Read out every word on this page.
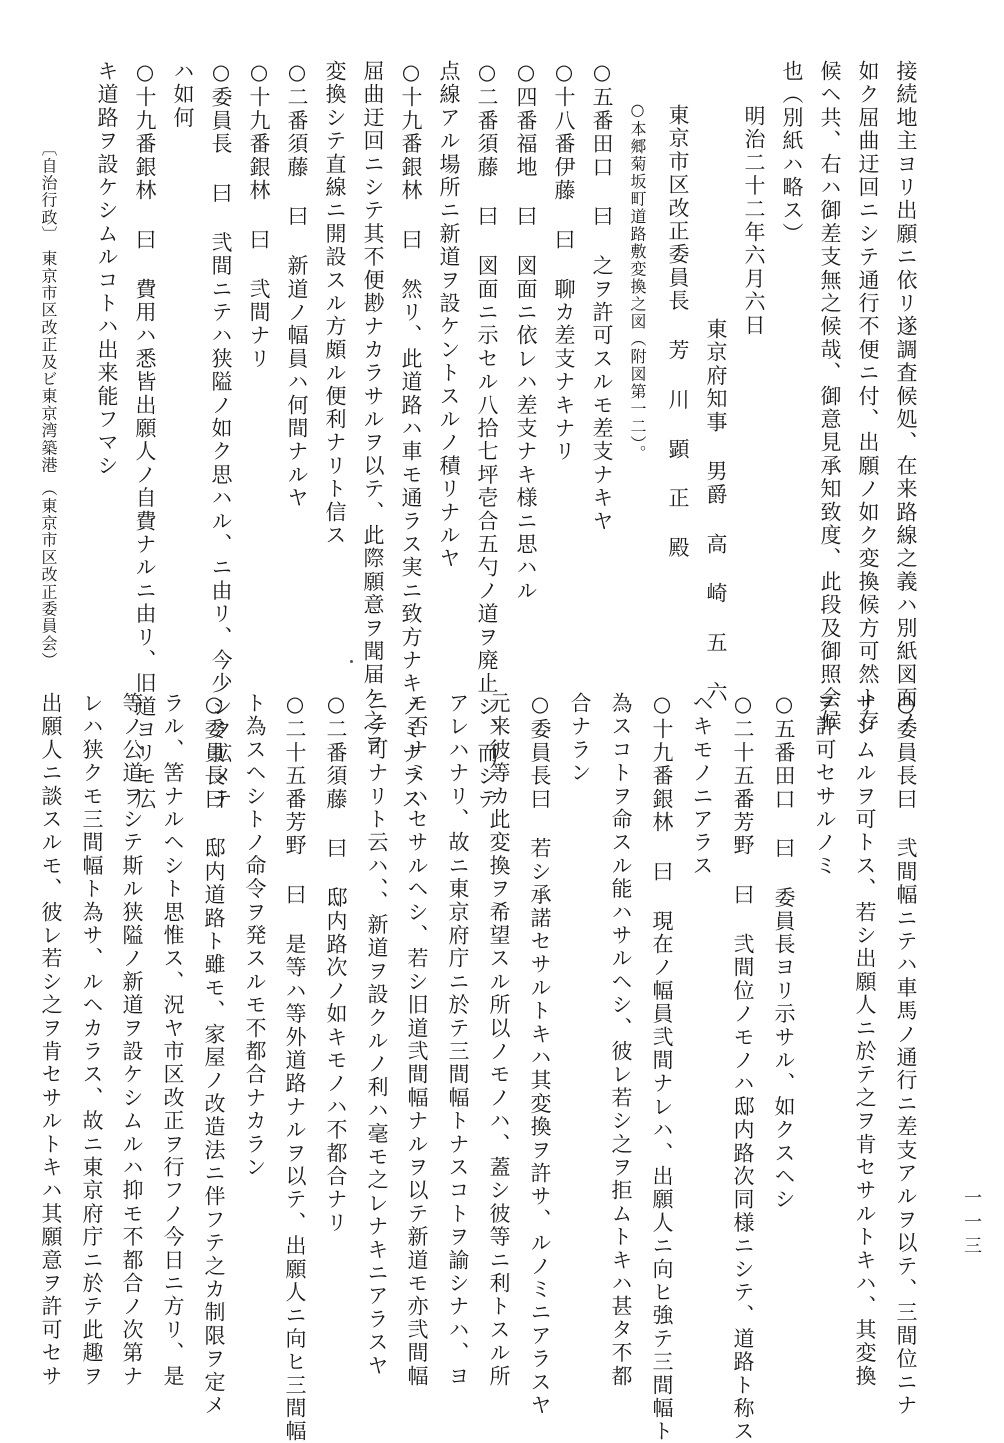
一一三
接続地主ヨリ出願ニ依リ遂調査候処、在来路線之義ハ別紙図面ノ
如ク屈曲迂回ニシテ通行不便ニ付、出願ノ如ク変換候方可然ト存
候ヘ共、右ハ御差支無之候哉、御意見承知致度、此段及御照会候
也（別紙ハ略ス）
明治二十二年六月六日
東京府知事 男爵 高 崎 五 六
東京市区改正委員長 芳 川 顕 正 殿
○本郷菊坂町道路敷変換之図（附図第一二）。
○五番田口 曰 之ヲ許可スルモ差支ナキヤ
○十八番伊藤 曰 聊カ差支ナキナリ
○四番福地 曰 図面ニ依レハ差支ナキ様ニ思ハル
○二番須藤 曰 図面ニ示セル八拾七坪壱合五勺ノ道ヲ廃止シ、而シテ
点線アル場所ニ新道ヲ設ケントスルノ積リナルヤ
○十九番銀林 曰 然リ、此道路ハ車モ通ラス実ニ致方ナキノミナラス
屈曲迂回ニシテ其不便尠ナカラサルヲ以テ、此際願意ヲ聞届ケ之ヲ
変換シテ直線ニ開設スル方頗ル便利ナリト信ス
○二番須藤 曰 新道ノ幅員ハ何間ナルヤ
○十九番銀林 曰 弐間ナリ
○委員長 曰 弐間ニテハ狭隘ノ如ク思ハル、ニ由リ、今少シク拡メテ
ハ如何
○十九番銀林 曰 費用ハ悉皆出願人ノ自費ナルニ由リ、旧道ヨリモ広
キ道路ヲ設ケシムルコトハ出来能フマシ
○委員長曰 弐間幅ニテハ車馬ノ通行ニ差支アルヲ以テ、三間位ニナ
サシムルヲ可トス、若シ出願人ニ於テ之ヲ肯セサルトキハ、其変換
ヲ許可セサルノミ
○五番田口 曰 委員長ヨリ示サル、如クスヘシ
○二十五番芳野 曰 弐間位ノモノハ邸内路次同様ニシテ、道路ト称ス
ヘキモノニアラス
○十九番銀林 曰 現在ノ幅員弐間ナレハ、出願人ニ向ヒ強テ三間幅ト
為スコトヲ命スル能ハサルヘシ、彼レ若シ之ヲ拒ムトキハ甚タ不都
合ナラン
○委員長曰 若シ承諾セサルトキハ其変換ヲ許サ、ルノミニアラスヤ
元来彼等カ此変換ヲ希望スル所以ノモノハ、蓋シ彼等ニ利トスル所
アレハナリ、故ニ東京府庁ニ於テ三間幅トナスコトヲ諭シナハ、ヨ
モ否ナミハセサルヘシ、若シ旧道弐間幅ナルヲ以テ新道モ亦弐間幅
ニテ可ナリト云ハ、、新道ヲ設クルノ利ハ毫モ之レナキニアラスヤ
○二番須藤 曰 邸内路次ノ如キモノハ不都合ナリ
○二十五番芳野 曰 是等ハ等外道路ナルヲ以テ、出願人ニ向ヒ三間幅
ト為スヘシトノ命令ヲ発スルモ不都合ナカラン
○委員長曰 邸内道路ト雖モ、家屋ノ改造法ニ伴フテ之カ制限ヲ定メ
ラル、筈ナルヘシト思惟ス、況ヤ市区改正ヲ行フノ今日ニ方リ、是
等ノ公道ヲシテ斯ル狭隘ノ新道ヲ設ケシムルハ抑モ不都合ノ次第ナ
レハ狭クモ三間幅ト為サ、ルヘカラス、故ニ東京府庁ニ於テ此趣ヲ
出願人ニ談スルモ、彼レ若シ之ヲ肯セサルトキハ其願意ヲ許可セサ
〔自治行政〕
東京市区改正及ビ東京湾築港
（東京市区改正委員会）
